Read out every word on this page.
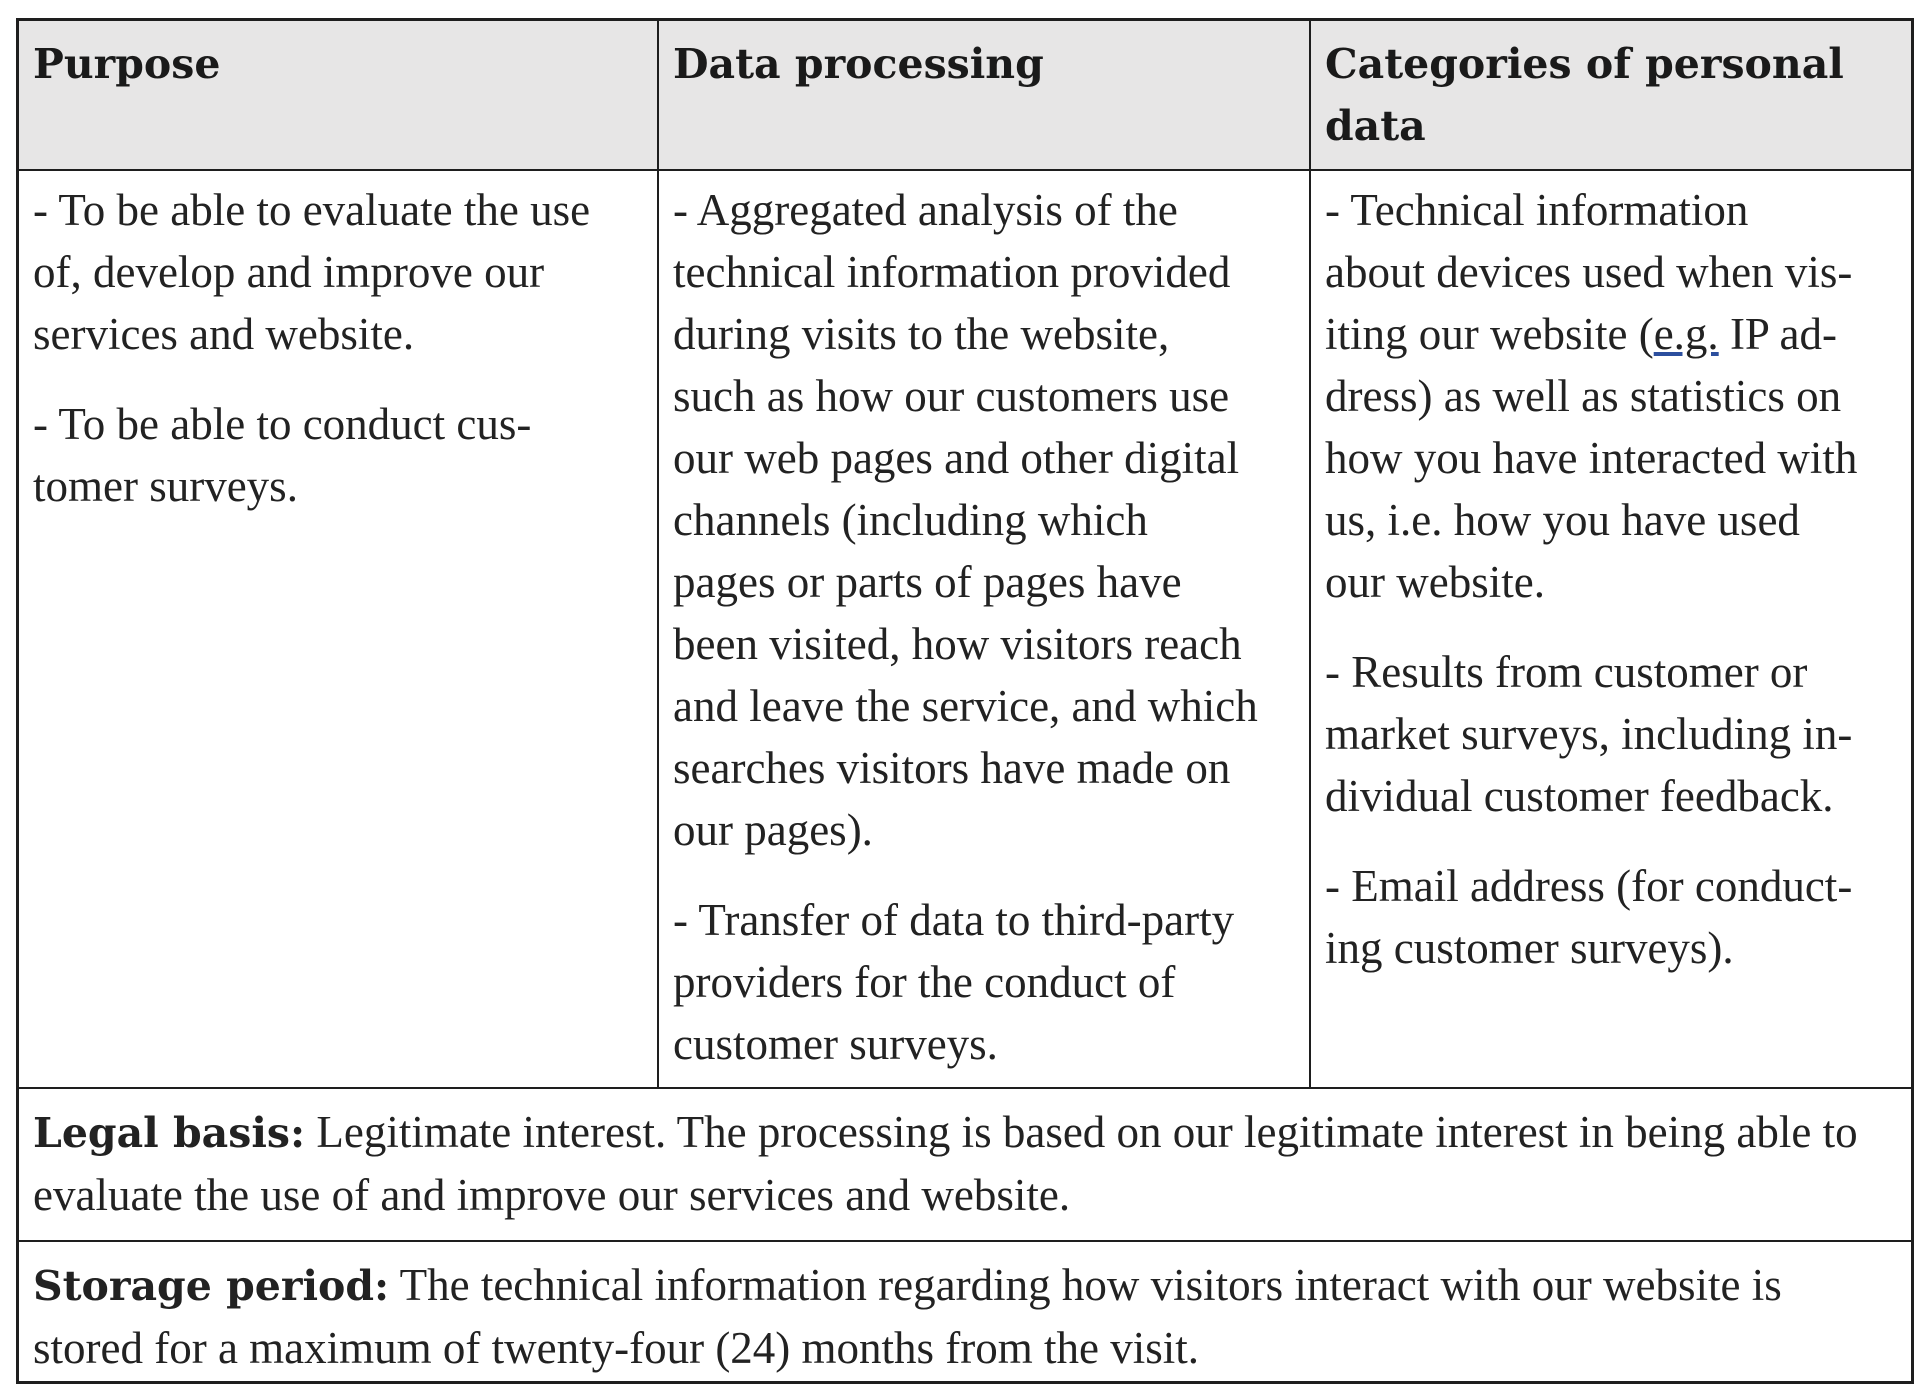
Purpose	Data processing	Categories of personal
data

- To be able to evaluate the use
of, develop and improve our
services and website.

- To be able to conduct cus-
tomer surveys.

- Aggregated analysis of the
technical information provided
during visits to the website,
such as how our customers use
our web pages and other digital
channels (including which
pages or parts of pages have
been visited, how visitors reach
and leave the service, and which
searches visitors have made on
our pages).

- Transfer of data to third-party
providers for the conduct of
customer surveys.

- Technical information
about devices used when vis-
iting our website (e.g. IP ad-
dress) as well as statistics on
how you have interacted with
us, i.e. how you have used
our website.

- Results from customer or
market surveys, including in-
dividual customer feedback.

- Email address (for conduct-
ing customer surveys).

Legal basis: Legitimate interest. The processing is based on our legitimate interest in being able to evaluate the use of and improve our services and website.
Storage period: The technical information regarding how visitors interact with our website is stored for a maximum of twenty-four (24) months from the visit.
